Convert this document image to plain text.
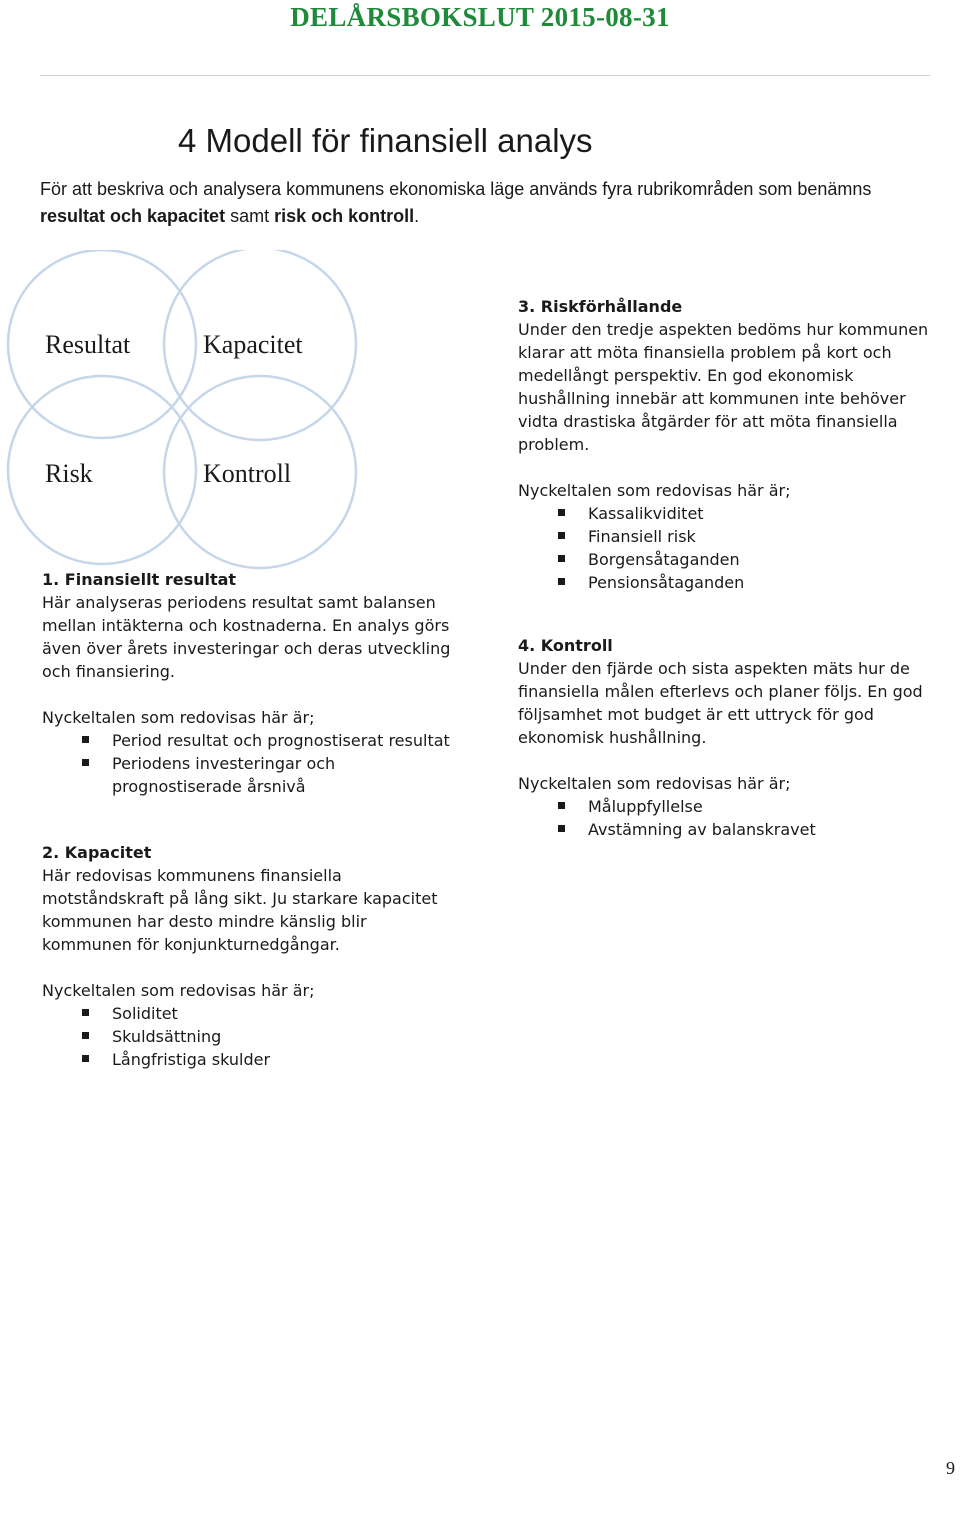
DELÅRSBOKSLUT 2015-08-31
4 Modell för finansiell analys
För att beskriva och analysera kommunens ekonomiska läge används fyra rubrikområden som benämns resultat och kapacitet samt risk och kontroll.
Resultat	Kapacitet
Risk	Kontroll

1. Finansiellt resultat

Här analyseras periodens resultat samt balansen

mellan intäkterna och kostnaderna. En analys görs

även över årets investeringar och deras utveckling

och finansiering.

Nyckeltalen som redovisas här är;

Period resultat och prognostiserat resultat
Periodens investeringar och prognostiserade årsnivå

2. Kapacitet

Här redovisas kommunens finansiella

motståndskraft på lång sikt. Ju starkare kapacitet

kommunen har desto mindre känslig blir

kommunen för konjunkturnedgångar.

Nyckeltalen som redovisas här är;

Soliditet
Skuldsättning
Långfristiga skulder

3. Riskförhållande

Under den tredje aspekten bedöms hur kommunen

klarar att möta finansiella problem på kort och

medellångt perspektiv. En god ekonomisk

hushållning innebär att kommunen inte behöver

vidta drastiska åtgärder för att möta finansiella

problem.

Nyckeltalen som redovisas här är;

Kassalikviditet
Finansiell risk
Borgensåtaganden
Pensionsåtaganden

4. Kontroll

Under den fjärde och sista aspekten mäts hur de

finansiella målen efterlevs och planer följs. En god

följsamhet mot budget är ett uttryck för god

ekonomisk hushållning.

Nyckeltalen som redovisas här är;

Måluppfyllelse
Avstämning av balanskravet
9
